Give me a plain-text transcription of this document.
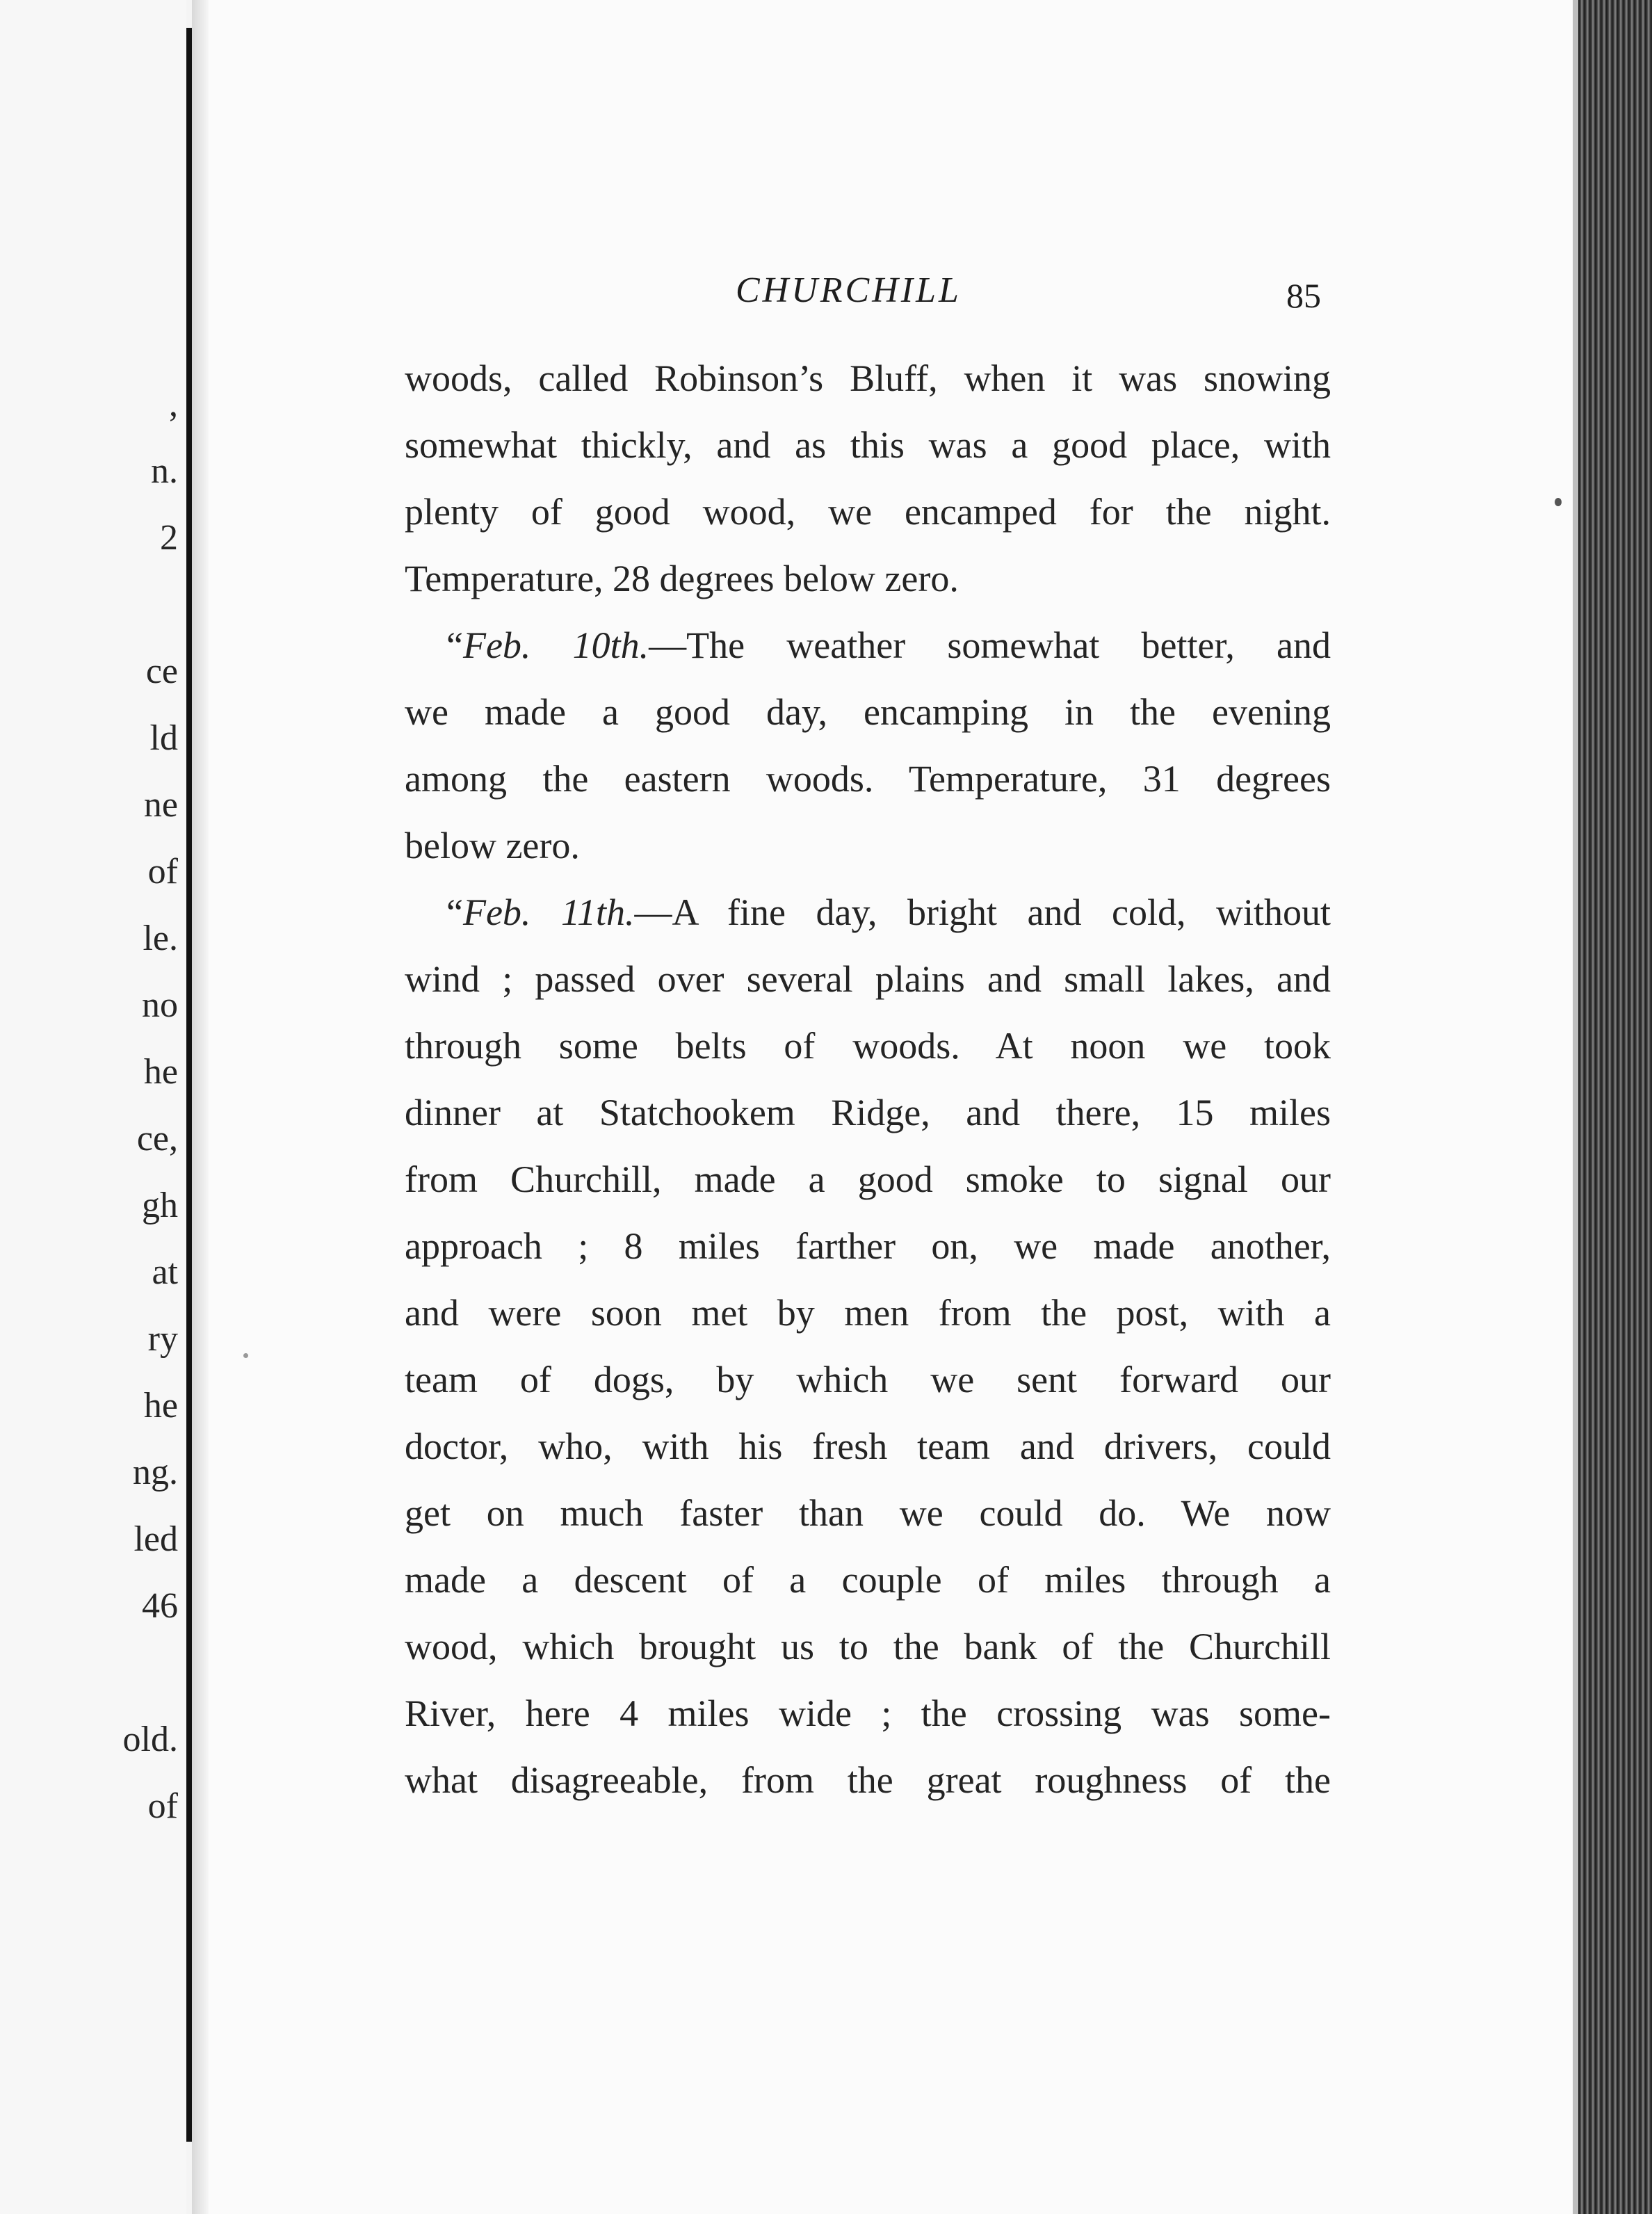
,
n.
2
ce
ld
ne
of
le.
no
he
ce,
gh
at
ry
he
ng.
led
46
old.
of
CHURCHILL	85
woods, called Robinson’s Bluff, when it was snowing
somewhat thickly, and as this was a good place, with
plenty of good wood, we encamped for the night.
Temperature, 28 degrees below zero.
“Feb. 10th.—The weather somewhat better, and
we made a good day, encamping in the evening
among the eastern woods. Temperature, 31 degrees
below zero.
“Feb. 11th.—A fine day, bright and cold, without
wind ; passed over several plains and small lakes, and
through some belts of woods. At noon we took
dinner at Statchookem Ridge, and there, 15 miles
from Churchill, made a good smoke to signal our
approach ; 8 miles farther on, we made another,
and were soon met by men from the post, with a
team of dogs, by which we sent forward our
doctor, who, with his fresh team and drivers, could
get on much faster than we could do. We now
made a descent of a couple of miles through a
wood, which brought us to the bank of the Churchill
River, here 4 miles wide ; the crossing was some-
what disagreeable, from the great roughness of the
